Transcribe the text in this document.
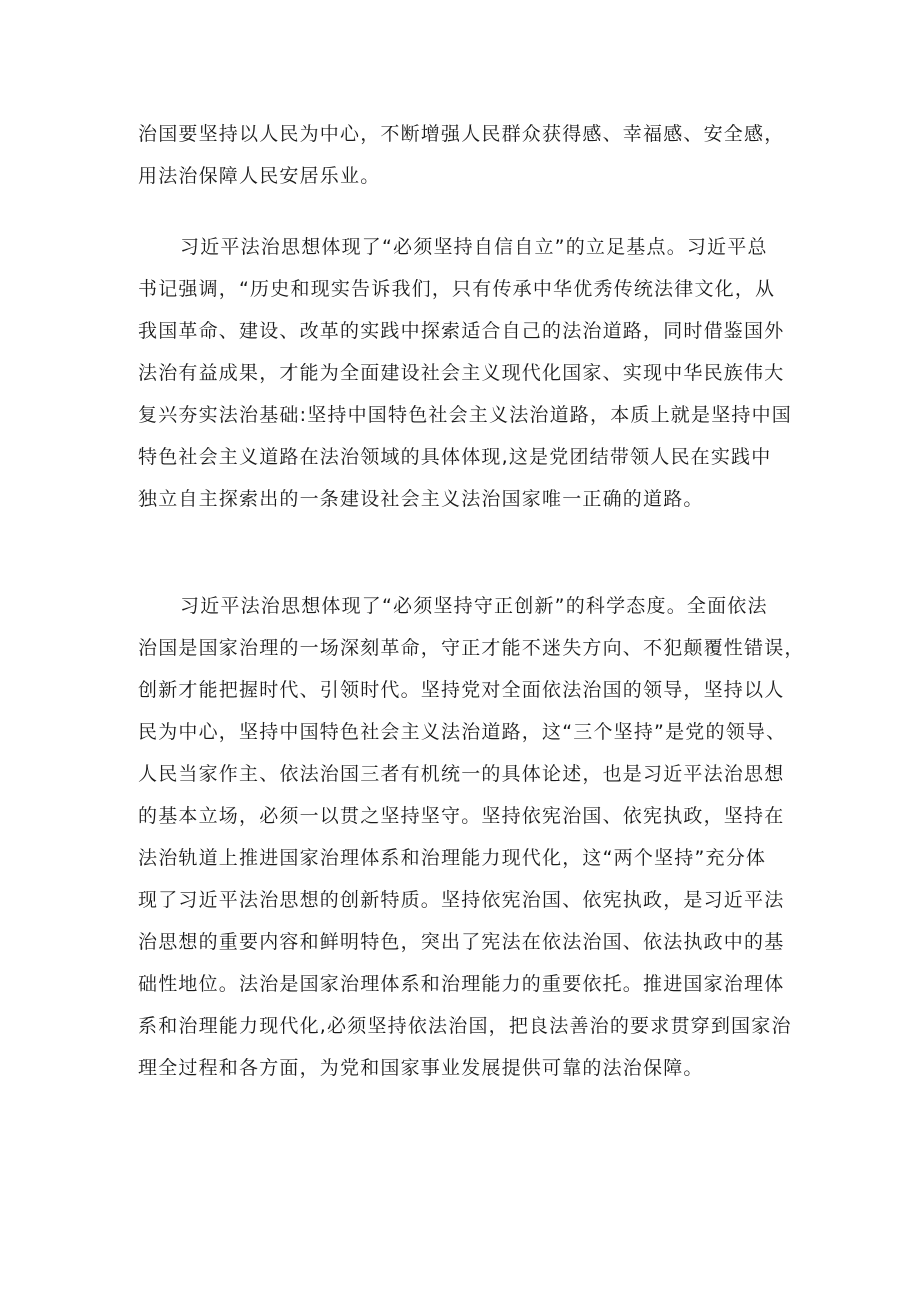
治国要坚持以人民为中心，不断增强人民群众获得感、幸福感、安全感，
用法治保障人民安居乐业。

习近平法治思想体现了“必须坚持自信自立”的立足基点。习近平总
书记强调，“历史和现实告诉我们，只有传承中华优秀传统法律文化，从
我国革命、建设、改革的实践中探索适合自己的法治道路，同时借鉴国外
法治有益成果，才能为全面建设社会主义现代化国家、实现中华民族伟大
复兴夯实法治基础:坚持中国特色社会主义法治道路，本质上就是坚持中国
特色社会主义道路在法治领域的具体体现,这是党团结带领人民在实践中
独立自主探索出的一条建设社会主义法治国家唯一正确的道路。

习近平法治思想体现了“必须坚持守正创新”的科学态度。全面依法
治国是国家治理的一场深刻革命，守正才能不迷失方向、不犯颠覆性错误，
创新才能把握时代、引领时代。坚持党对全面依法治国的领导，坚持以人
民为中心，坚持中国特色社会主义法治道路，这“三个坚持”是党的领导、
人民当家作主、依法治国三者有机统一的具体论述，也是习近平法治思想
的基本立场，必须一以贯之坚持坚守。坚持依宪治国、依宪执政，坚持在
法治轨道上推进国家治理体系和治理能力现代化，这“两个坚持”充分体
现了习近平法治思想的创新特质。坚持依宪治国、依宪执政，是习近平法
治思想的重要内容和鲜明特色，突出了宪法在依法治国、依法执政中的基
础性地位。法治是国家治理体系和治理能力的重要依托。推进国家治理体
系和治理能力现代化,必须坚持依法治国，把良法善治的要求贯穿到国家治
理全过程和各方面，为党和国家事业发展提供可靠的法治保障。
